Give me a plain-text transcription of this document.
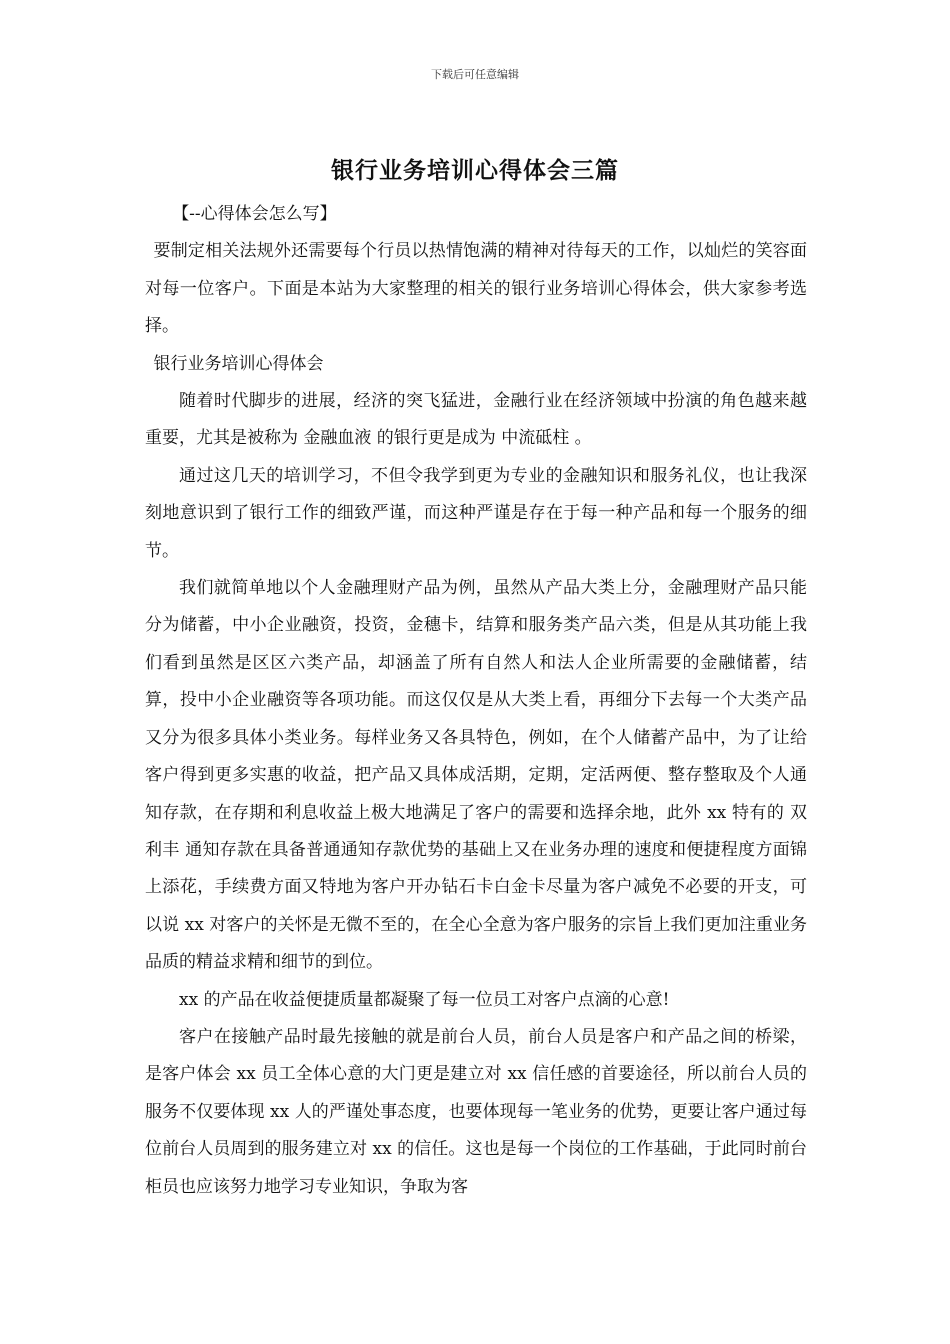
下载后可任意编辑
银行业务培训心得体会三篇

【--心得体会怎么写】

要制定相关法规外还需要每个行员以热情饱满的精神对待每天的工作，以灿烂的笑容面对每一位客户。下面是本站为大家整理的相关的银行业务培训心得体会，供大家参考选择。

银行业务培训心得体会

随着时代脚步的进展，经济的突飞猛进，金融行业在经济领域中扮演的角色越来越重要，尤其是被称为 金融血液 的银行更是成为 中流砥柱 。

通过这几天的培训学习，不但令我学到更为专业的金融知识和服务礼仪，也让我深刻地意识到了银行工作的细致严谨，而这种严谨是存在于每一种产品和每一个服务的细节。

我们就简单地以个人金融理财产品为例，虽然从产品大类上分，金融理财产品只能分为储蓄，中小企业融资，投资，金穗卡，结算和服务类产品六类，但是从其功能上我们看到虽然是区区六类产品，却涵盖了所有自然人和法人企业所需要的金融储蓄，结算，投中小企业融资等各项功能。而这仅仅是从大类上看，再细分下去每一个大类产品又分为很多具体小类业务。每样业务又各具特色，例如，在个人储蓄产品中，为了让给客户得到更多实惠的收益，把产品又具体成活期，定期，定活两便、整存整取及个人通知存款，在存期和利息收益上极大地满足了客户的需要和选择余地，此外 xx 特有的 双利丰 通知存款在具备普通通知存款优势的基础上又在业务办理的速度和便捷程度方面锦上添花，手续费方面又特地为客户开办钻石卡白金卡尽量为客户减免不必要的开支，可以说 xx 对客户的关怀是无微不至的，在全心全意为客户服务的宗旨上我们更加注重业务品质的精益求精和细节的到位。

xx 的产品在收益便捷质量都凝聚了每一位员工对客户点滴的心意!

客户在接触产品时最先接触的就是前台人员，前台人员是客户和产品之间的桥梁，是客户体会 xx 员工全体心意的大门更是建立对 xx 信任感的首要途径，所以前台人员的服务不仅要体现 xx 人的严谨处事态度，也要体现每一笔业务的优势，更要让客户通过每位前台人员周到的服务建立对 xx 的信任。这也是每一个岗位的工作基础，于此同时前台柜员也应该努力地学习专业知识，争取为客
